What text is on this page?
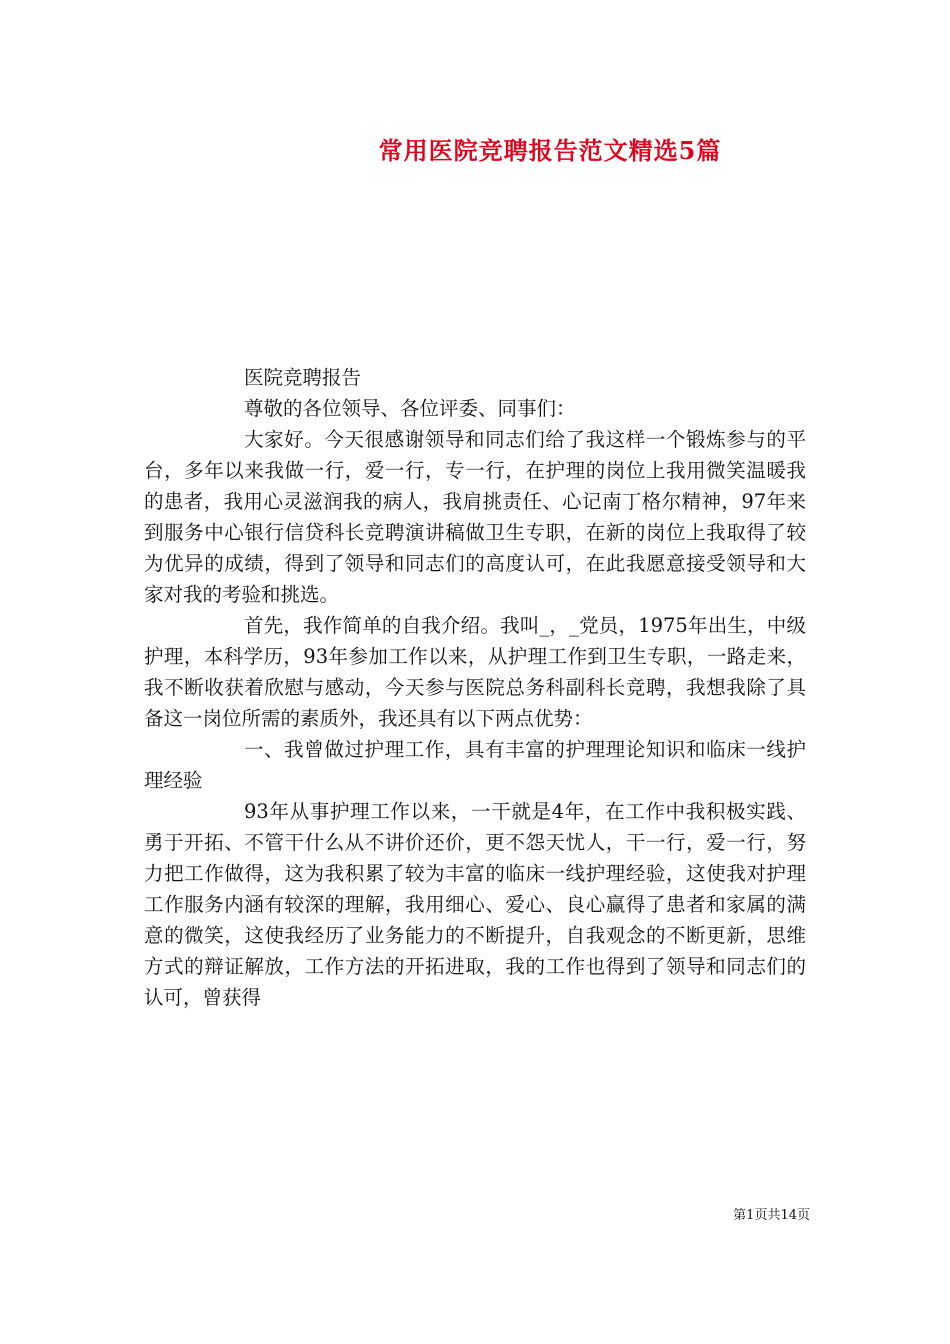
常用医院竞聘报告范文精选5篇

医院竞聘报告

尊敬的各位领导、各位评委、同事们：

大家好。今天很感谢领导和同志们给了我这样一个锻炼参与的平台，多年以来我做一行，爱一行，专一行，在护理的岗位上我用微笑温暖我的患者，我用心灵滋润我的病人，我肩挑责任、心记南丁格尔精神，97年来到服务中心银行信贷科长竞聘演讲稿做卫生专职，在新的岗位上我取得了较为优异的成绩，得到了领导和同志们的高度认可，在此我愿意接受领导和大家对我的考验和挑选。

首先，我作简单的自我介绍。我叫_，_党员，1975年出生，中级护理，本科学历，93年参加工作以来，从护理工作到卫生专职，一路走来，我不断收获着欣慰与感动，今天参与医院总务科副科长竞聘，我想我除了具备这一岗位所需的素质外，我还具有以下两点优势：

一、我曾做过护理工作，具有丰富的护理理论知识和临床一线护理经验

93年从事护理工作以来，一干就是4年，在工作中我积极实践、勇于开拓、不管干什么从不讲价还价，更不怨天忧人，干一行，爱一行，努力把工作做得，这为我积累了较为丰富的临床一线护理经验，这使我对护理工作服务内涵有较深的理解，我用细心、爱心、良心赢得了患者和家属的满意的微笑，这使我经历了业务能力的不断提升，自我观念的不断更新，思维方式的辩证解放，工作方法的开拓进取，我的工作也得到了领导和同志们的认可，曾获得

第1页共14页
